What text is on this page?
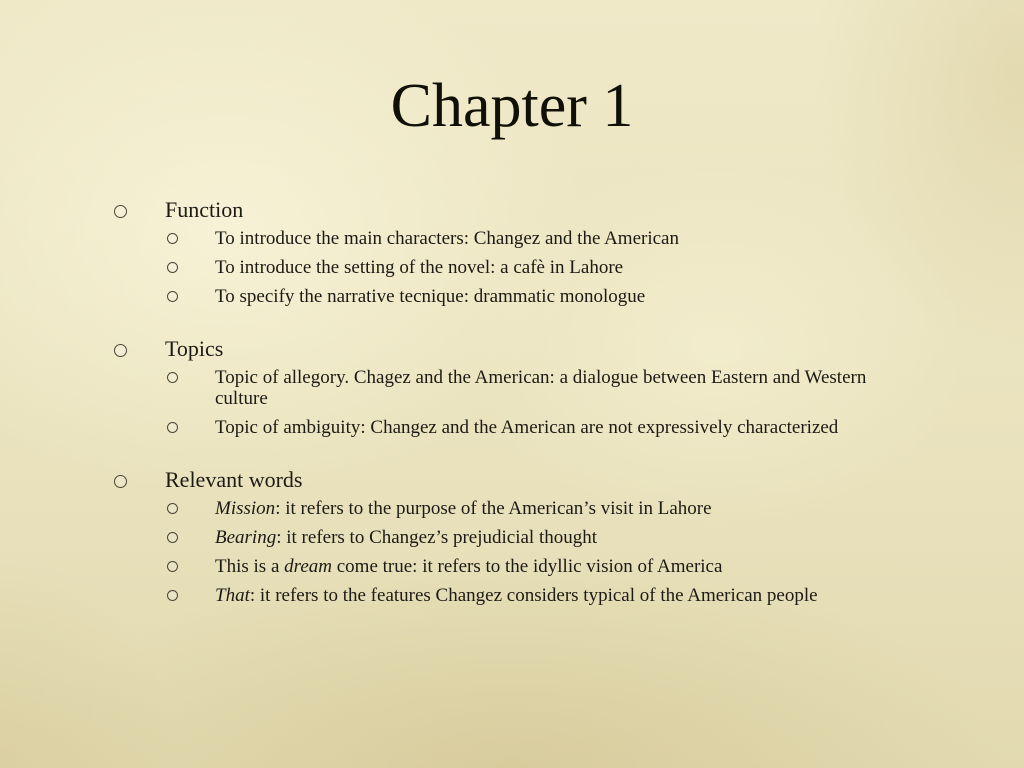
Chapter 1
Function
To introduce the main characters: Changez and the American
To introduce the setting of the novel: a cafè in Lahore
To specify the narrative tecnique: drammatic monologue
Topics
Topic of allegory. Chagez and the American: a dialogue between Eastern and Western culture
Topic of ambiguity: Changez and the American are not expressively characterized
Relevant words
Mission: it refers to the purpose of the American’s visit in Lahore
Bearing: it refers to Changez’s prejudicial thought
This is a dream come true: it refers to the idyllic vision of America
That: it refers to the features Changez considers typical of the American people
